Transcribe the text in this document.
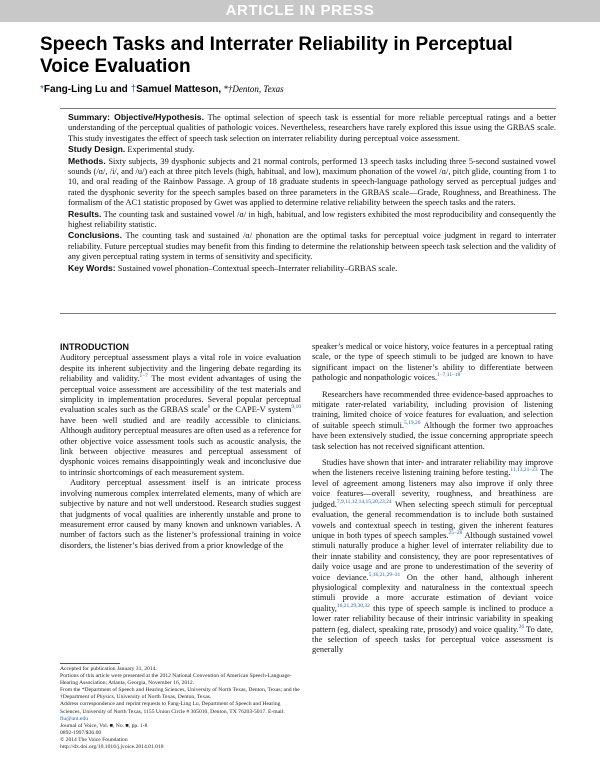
ARTICLE IN PRESS
Speech Tasks and Interrater Reliability in Perceptual Voice Evaluation
*Fang-Ling Lu and †Samuel Matteson, *†Denton, Texas

Summary: Objective/Hypothesis. The optimal selection of speech task is essential for more reliable perceptual ratings and a better understanding of the perceptual qualities of pathologic voices. Nevertheless, researchers have rarely explored this issue using the GRBAS scale. This study investigates the effect of speech task selection on interrater reliability during perceptual voice assessment.

Study Design. Experimental study.

Methods. Sixty subjects, 39 dysphonic subjects and 21 normal controls, performed 13 speech tasks including three 5-second sustained vowel sounds (/ɑ/, /i/, and /u/) each at three pitch levels (high, habitual, and low), maximum phonation of the vowel /ɑ/, pitch glide, counting from 1 to 10, and oral reading of the Rainbow Passage. A group of 18 graduate students in speech-language pathology served as perceptual judges and rated the dysphonic severity for the speech samples based on three parameters in the GRBAS scale—Grade, Roughness, and Breathiness. The formalism of the AC1 statistic proposed by Gwet was applied to determine relative reliability between the speech tasks and the raters.

Results. The counting task and sustained vowel /ɑ/ in high, habitual, and low registers exhibited the most reproducibility and consequently the highest reliability statistic.

Conclusions. The counting task and sustained /ɑ/ phonation are the optimal tasks for perceptual voice judgment in regard to interrater reliability. Future perceptual studies may benefit from this finding to determine the relationship between speech task selection and the validity of any given perceptual rating system in terms of sensitivity and specificity.

Key Words: Sustained vowel phonation–Contextual speech–Interrater reliability–GRBAS scale.

INTRODUCTION

Auditory perceptual assessment plays a vital role in voice evaluation despite its inherent subjectivity and the lingering debate regarding its reliability and validity.$^{1-7}$ The most evident advantages of using the perceptual voice assessment are accessibility of the test materials and simplicity in implementation procedures. Several popular perceptual evaluation scales such as the GRBAS scale$^8$ or the CAPE-V system$^{9,10}$ have been well studied and are readily accessible to clinicians. Although auditory perceptual measures are often used as a reference for other objective voice assessment tools such as acoustic analysis, the link between objective measures and perceptual assessment of dysphonic voices remains disappointingly weak and inconclusive due to intrinsic shortcomings of each measurement system.

Auditory perceptual assessment itself is an intricate process involving numerous complex interrelated elements, many of which are subjective by nature and not well understood. Research studies suggest that judgments of vocal qualities are inherently unstable and prone to measurement error caused by many known and unknown variables. A number of factors such as the listener’s professional training in voice disorders, the listener’s bias derived from a prior knowledge of the

speaker’s medical or voice history, voice features in a perceptual rating scale, or the type of speech stimuli to be judged are known to have significant impact on the listener’s ability to differentiate between pathologic and nonpathologic voices.$^{1-7,11-18}$

Researchers have recommended three evidence-based approaches to mitigate rater-related variability, including provision of listening training, limited choice of voice features for evaluation, and selection of suitable speech stimuli.$^{5,19,20}$ Although the former two approaches have been extensively studied, the issue concerning appropriate speech task selection has not received significant attention.

Studies have shown that inter- and intrarater reliability may improve when the listeners receive listening training before testing.$^{11,13,21-23}$ The level of agreement among listeners may also improve if only three voice features—overall severity, roughness, and breathiness are judged.$^{7,9,11,12,14,15,20,23,24}$ When selecting speech stimuli for perceptual evaluation, the general recommendation is to include both sustained vowels and contextual speech in testing, given the inherent features unique in both types of speech samples.$^{25-28}$ Although sustained vowel stimuli naturally produce a higher level of interrater reliability due to their innate stability and consistency, they are poor representatives of daily voice usage and are prone to underestimation of the severity of voice deviance.$^{5,16,21,29-31}$ On the other hand, although inherent physiological complexity and naturalness in the contextual speech stimuli provide a more accurate estimation of deviant voice quality,$^{16,21,29,30,32}$ this type of speech sample is inclined to produce a lower rater reliability because of their intrinsic variability in speaking pattern (eg, dialect, speaking rate, prosody) and voice quality.$^{26}$ To date, the selection of speech tasks for perceptual voice assessment is generally

Accepted for publication January 31, 2014.
Portions of this article were presented at the 2012 National Convention of American Speech-Language-Hearing Association; Atlanta, Georgia, November 16, 2012.
From the *Department of Speech and Hearing Sciences, University of North Texas, Denton, Texas; and the †Department of Physics, University of North Texas, Denton, Texas.
Address correspondence and reprint requests to Fang-Ling Lu, Department of Speech and Hearing Sciences, University of North Texas, 1155 Union Circle # 305010, Denton, TX 76203-5017. E-mail: flu@unt.edu
Journal of Voice, Vol. ■, No. ■, pp. 1-8
0892-1997/$36.00
© 2014 The Voice Foundation
http://dx.doi.org/10.1016/j.jvoice.2014.01.018
